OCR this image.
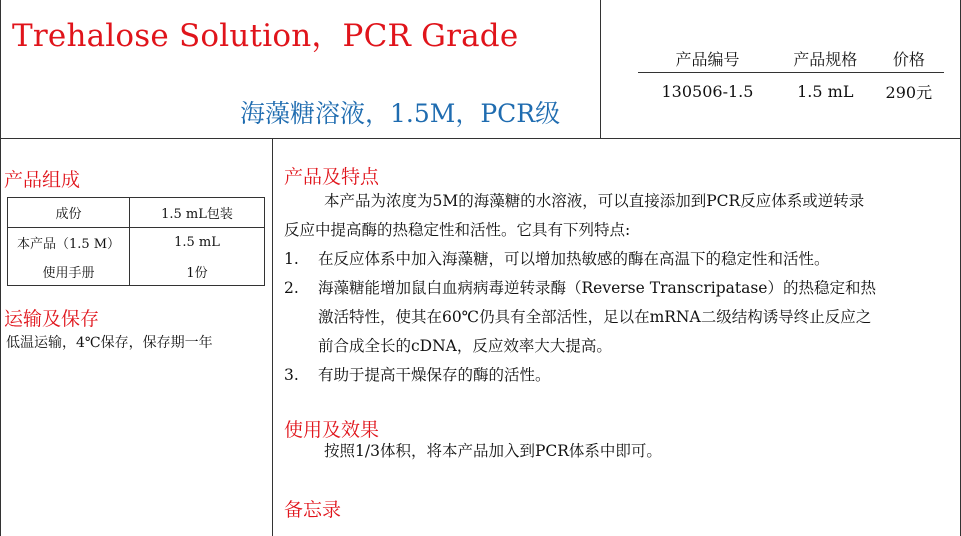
Trehalose Solution，PCR Grade
海藻糖溶液，1.5M，PCR级
产品编号	产品规格	价格
130506-1.5	1.5 mL	290元
产品组成
成份	1.5 mL包装
本产品（1.5 M）	1.5 mL
使用手册	1份
运输及保存
低温运输，4℃保存，保存期一年
产品及特点
本产品为浓度为5M的海藻糖的水溶液，可以直接添加到PCR反应体系或逆转录
反应中提高酶的热稳定性和活性。它具有下列特点:
1. 在反应体系中加入海藻糖，可以增加热敏感的酶在高温下的稳定性和活性。
2. 海藻糖能增加鼠白血病病毒逆转录酶（Reverse Transcripatase）的热稳定和热
激活特性，使其在60℃仍具有全部活性，足以在mRNA二级结构诱导终止反应之
前合成全长的cDNA，反应效率大大提高。
3. 有助于提高干燥保存的酶的活性。
使用及效果
按照1/3体积，将本产品加入到PCR体系中即可。
备忘录
